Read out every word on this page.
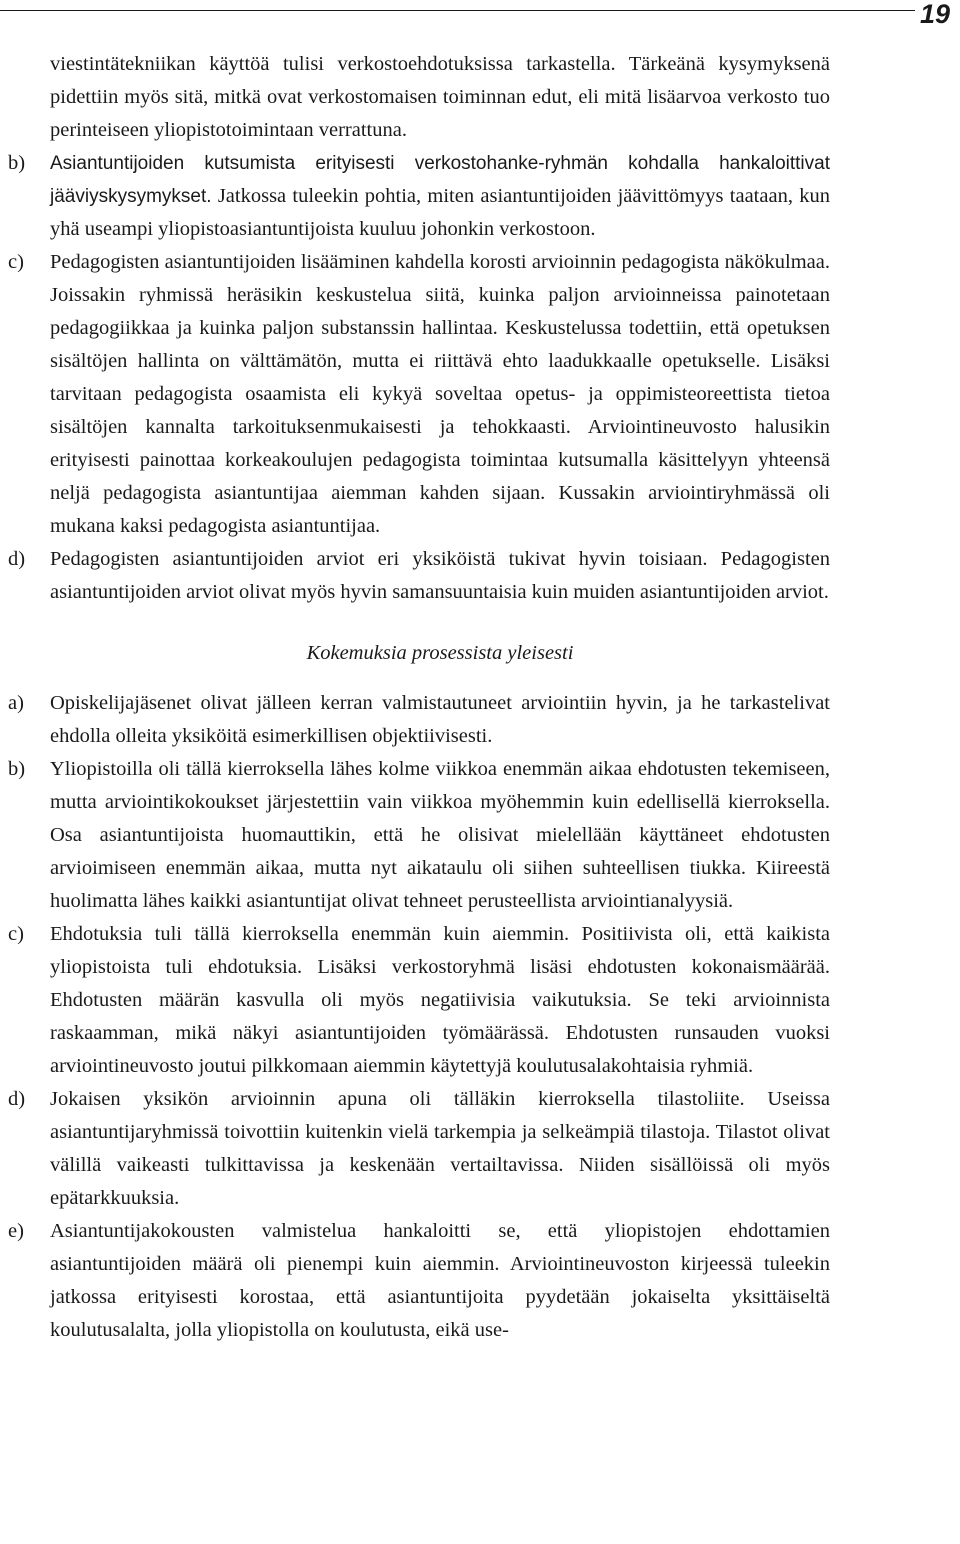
19

viestintätekniikan käyttöä tulisi verkostoehdotuksissa tarkastella. Tärkeänä kysymyksenä pidettiin myös sitä, mitkä ovat verkostomaisen toiminnan edut, eli mitä lisäarvoa verkosto tuo perinteiseen yliopistotoimintaan verrattuna.

b) Asiantuntijoiden kutsumista erityisesti verkostohanke-ryhmän kohdalla hankaloittivat jääviyskysymykset. Jatkossa tuleekin pohtia, miten asiantuntijoiden jäävittömyys taataan, kun yhä useampi yliopistoasiantuntijoista kuuluu johonkin verkostoon.
c) Pedagogisten asiantuntijoiden lisääminen kahdella korosti arvioinnin pedagogista näkökulmaa. Joissakin ryhmissä heräsikin keskustelua siitä, kuinka paljon arvioinneissa painotetaan pedagogiikkaa ja kuinka paljon substanssin hallintaa. Keskustelussa todettiin, että opetuksen sisältöjen hallinta on välttämätön, mutta ei riittävä ehto laadukkaalle opetukselle. Lisäksi tarvitaan pedagogista osaamista eli kykyä soveltaa opetus- ja oppimisteoreettista tietoa sisältöjen kannalta tarkoituksenmukaisesti ja tehokkaasti. Arviointineuvosto halusikin erityisesti painottaa korkeakoulujen pedagogista toimintaa kutsumalla käsittelyyn yhteensä neljä pedagogista asiantuntijaa aiemman kahden sijaan. Kussakin arviointiryhmässä oli mukana kaksi pedagogista asiantuntijaa.
d) Pedagogisten asiantuntijoiden arviot eri yksiköistä tukivat hyvin toisiaan. Pedagogisten asiantuntijoiden arviot olivat myös hyvin samansuuntaisia kuin muiden asiantuntijoiden arviot.
Kokemuksia prosessista yleisesti
a) Opiskelijajäsenet olivat jälleen kerran valmistautuneet arviointiin hyvin, ja he tarkastelivat ehdolla olleita yksiköitä esimerkillisen objektiivisesti.
b) Yliopistoilla oli tällä kierroksella lähes kolme viikkoa enemmän aikaa ehdotusten tekemiseen, mutta arviointikokoukset järjestettiin vain viikkoa myöhemmin kuin edellisellä kierroksella. Osa asiantuntijoista huomauttikin, että he olisivat mielellään käyttäneet ehdotusten arvioimiseen enemmän aikaa, mutta nyt aikataulu oli siihen suhteellisen tiukka. Kiireestä huolimatta lähes kaikki asiantuntijat olivat tehneet perusteellista arviointianalyysiä.
c) Ehdotuksia tuli tällä kierroksella enemmän kuin aiemmin. Positiivista oli, että kaikista yliopistoista tuli ehdotuksia. Lisäksi verkostoryhmä lisäsi ehdotusten kokonaismäärää. Ehdotusten määrän kasvulla oli myös negatiivisia vaikutuksia. Se teki arvioinnista raskaamman, mikä näkyi asiantuntijoiden työmäärässä. Ehdotusten runsauden vuoksi arviointineuvosto joutui pilkkomaan aiemmin käytettyjä koulutusalakohtaisia ryhmiä.
d) Jokaisen yksikön arvioinnin apuna oli tälläkin kierroksella tilastoliite. Useissa asiantuntijaryhmissä toivottiin kuitenkin vielä tarkempia ja selkeämpiä tilastoja. Tilastot olivat välillä vaikeasti tulkittavissa ja keskenään vertailtavissa. Niiden sisällöissä oli myös epätarkkuuksia.
e) Asiantuntijakokousten valmistelua hankaloitti se, että yliopistojen ehdottamien asiantuntijoiden määrä oli pienempi kuin aiemmin. Arviointineuvoston kirjeessä tuleekin jatkossa erityisesti korostaa, että asiantuntijoita pyydetään jokaiselta yksittäiseltä koulutusalalta, jolla yliopistolla on koulutusta, eikä use-
